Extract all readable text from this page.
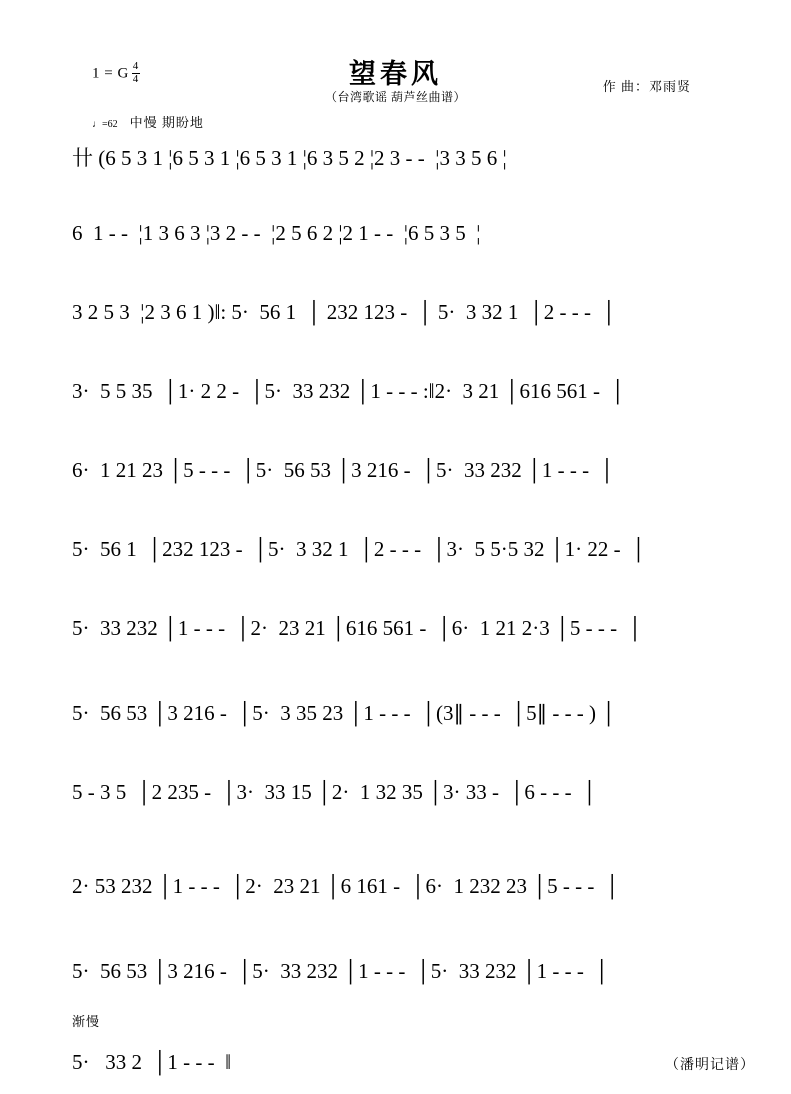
1 = G $\frac{4}{4}$	望春风
（台湾歌谣 葫芦丝曲谱）
作 曲：邓雨贤
♩=62 中慢 期盼地
卄 (6 5 3 1 ¦6 5 3 1 ¦6 5 3 1 ¦6 3 5 2 ¦2 3 - -  ¦3 3 5 6 ¦
6  1 - -  ¦1 3 6 3 ¦3 2 - -  ¦2 5 6 2 ¦2 1 - -  ¦6 5 3 5  ¦
3 2 5 3  ¦2 3 6 1 )‖: 5·  56 1  │ 232 123 -  │ 5·  3 32 1  │2 - - -  │
3·  5 5 35  │1· 2 2 -  │5·  33 232 │1 - - - :‖2·  3 21 │616 561 -  │
6·  1 21 23 │5 - - -  │5·  56 53 │3 216 -  │5·  33 232 │1 - - -  │
5·  56 1  │232 123 -  │5·  3 32 1  │2 - - -  │3·  5 5·5 32 │1· 22 -  │
5·  33 232 │1 - - -  │2·  23 21 │616 561 -  │6·  1 21 2·3 │5 - - -  │
5·  56 53 │3 216 -  │5·  3 35 23 │1 - - -  │(3∥ - - -  │5∥ - - - ) │
5 - 3 5  │2 235 -  │3·  33 15 │2·  1 32 35 │3· 33 -  │6 - - -  │
2· 53 232 │1 - - -  │2·  23 21 │6 161 -  │6·  1 232 23 │5 - - -  │
5·  56 53 │3 216 -  │5·  33 232 │1 - - -  │5·  33 232 │1 - - -  │
5·   33 2  │1 - - -  ‖
渐慢
（潘明记谱）
